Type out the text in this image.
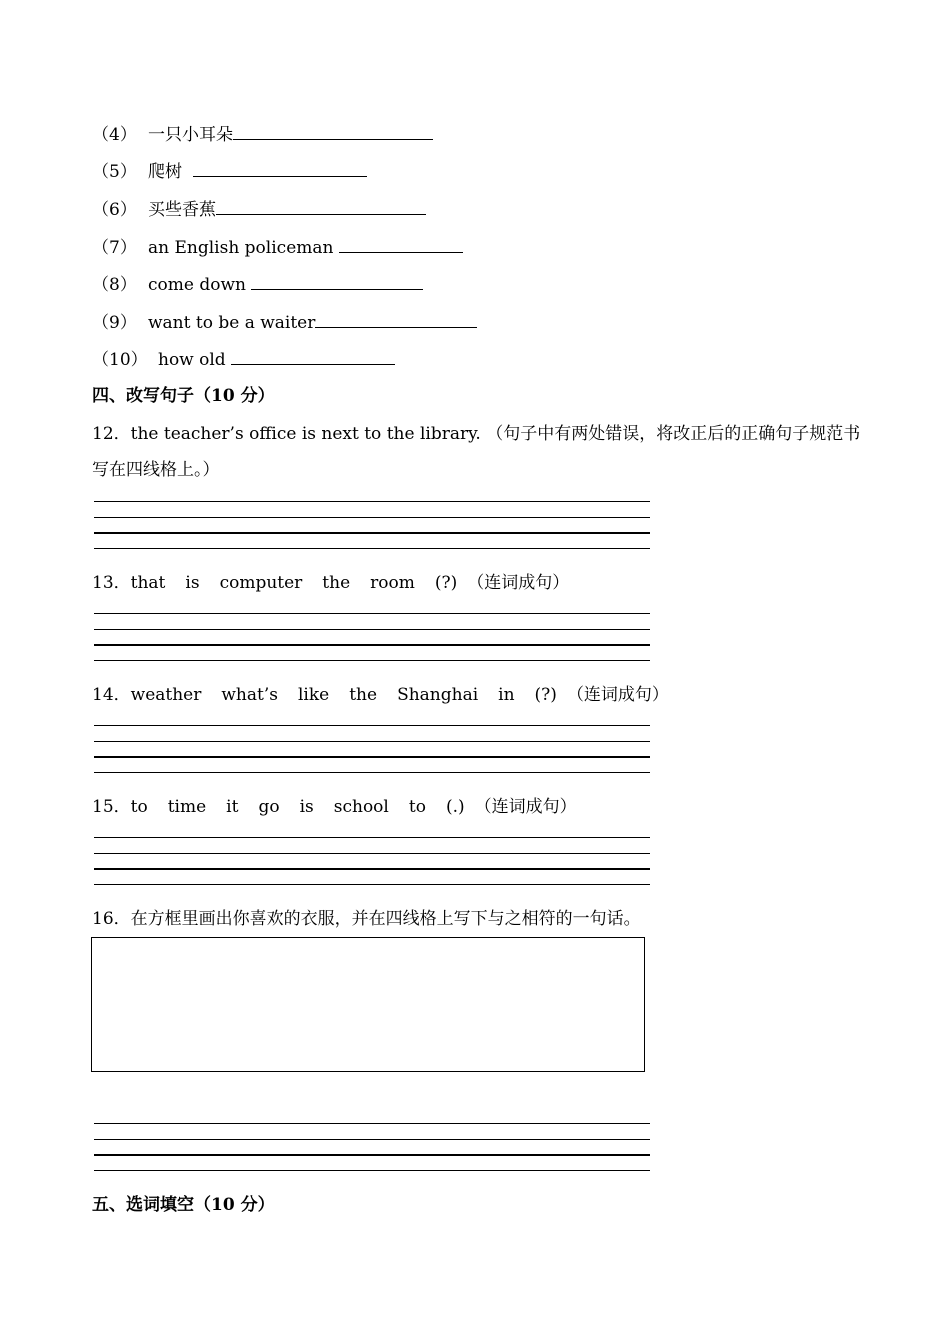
（4） 一只小耳朵
（5） 爬树
（6） 买些香蕉
（7） an English policeman
（8） come down
（9） want to be a waiter
（10） how old
四、改写句子（10 分）
12．the teacher’s office is next to the library. （句子中有两处错误，将改正后的正确句子规范书写在四线格上。）
13．that is computer the room (?) （连词成句）
14．weather what’s like the Shanghai in (?) （连词成句）
15．to time it go is school to (.) （连词成句）
16．在方框里画出你喜欢的衣服，并在四线格上写下与之相符的一句话。
五、选词填空（10 分）
